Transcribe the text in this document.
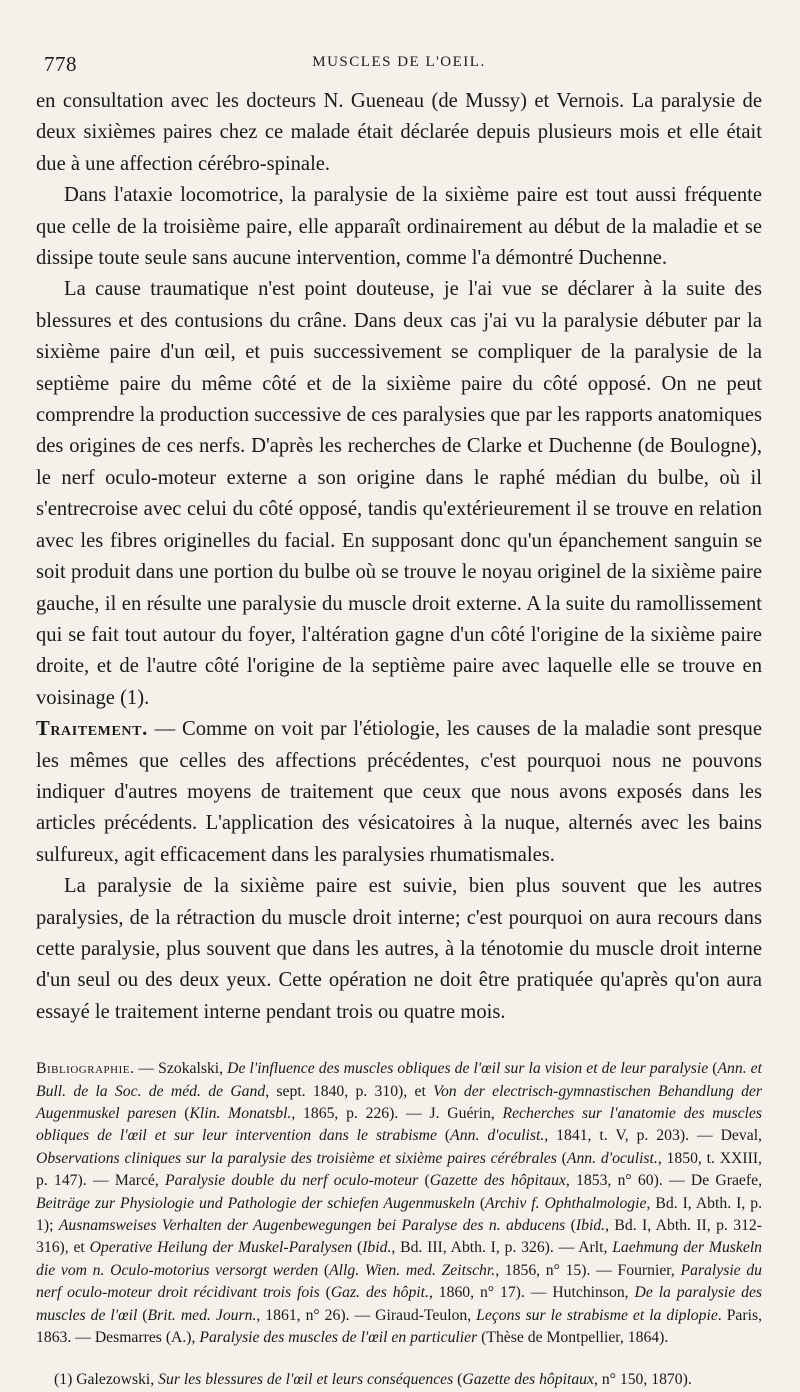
778	MUSCLES DE L'OEIL.

en consultation avec les docteurs N. Gueneau (de Mussy) et Vernois. La paralysie de deux sixièmes paires chez ce malade était déclarée depuis plusieurs mois et elle était due à une affection cérébro-spinale.

Dans l'ataxie locomotrice, la paralysie de la sixième paire est tout aussi fréquente que celle de la troisième paire, elle apparaît ordinairement au début de la maladie et se dissipe toute seule sans aucune intervention, comme l'a démontré Duchenne.

La cause traumatique n'est point douteuse, je l'ai vue se déclarer à la suite des blessures et des contusions du crâne. Dans deux cas j'ai vu la paralysie débuter par la sixième paire d'un œil, et puis successivement se compliquer de la paralysie de la septième paire du même côté et de la sixième paire du côté opposé. On ne peut comprendre la production successive de ces paralysies que par les rapports anatomiques des origines de ces nerfs. D'après les recherches de Clarke et Duchenne (de Boulogne), le nerf oculo-moteur externe a son origine dans le raphé médian du bulbe, où il s'entrecroise avec celui du côté opposé, tandis qu'extérieurement il se trouve en relation avec les fibres originelles du facial. En supposant donc qu'un épanchement sanguin se soit produit dans une portion du bulbe où se trouve le noyau originel de la sixième paire gauche, il en résulte une paralysie du muscle droit externe. A la suite du ramollissement qui se fait tout autour du foyer, l'altération gagne d'un côté l'origine de la sixième paire droite, et de l'autre côté l'origine de la septième paire avec laquelle elle se trouve en voisinage (1).

Traitement. — Comme on voit par l'étiologie, les causes de la maladie sont presque les mêmes que celles des affections précédentes, c'est pourquoi nous ne pouvons indiquer d'autres moyens de traitement que ceux que nous avons exposés dans les articles précédents. L'application des vésicatoires à la nuque, alternés avec les bains sulfureux, agit efficacement dans les paralysies rhumatismales.

La paralysie de la sixième paire est suivie, bien plus souvent que les autres paralysies, de la rétraction du muscle droit interne; c'est pourquoi on aura recours dans cette paralysie, plus souvent que dans les autres, à la ténotomie du muscle droit interne d'un seul ou des deux yeux. Cette opération ne doit être pratiquée qu'après qu'on aura essayé le traitement interne pendant trois ou quatre mois.

Bibliographie. — Szokalski, De l'influence des muscles obliques de l'œil sur la vision et de leur paralysie (Ann. et Bull. de la Soc. de méd. de Gand, sept. 1840, p. 310), et Von der electrisch-gymnastischen Behandlung der Augenmuskel paresen (Klin. Monatsbl., 1865, p. 226). — J. Guérin, Recherches sur l'anatomie des muscles obliques de l'œil et sur leur intervention dans le strabisme (Ann. d'oculist., 1841, t. V, p. 203). — Deval, Observations cliniques sur la paralysie des troisième et sixième paires cérébrales (Ann. d'oculist., 1850, t. XXIII, p. 147). — Marcé, Paralysie double du nerf oculo-moteur (Gazette des hôpitaux, 1853, n° 60). — De Graefe, Beiträge zur Physiologie und Pathologie der schiefen Augenmuskeln (Archiv f. Ophthalmologie, Bd. I, Abth. I, p. 1); Ausnamsweises Verhalten der Augenbewegungen bei Paralyse des n. abducens (Ibid., Bd. I, Abth. II, p. 312-316), et Operative Heilung der Muskel-Paralysen (Ibid., Bd. III, Abth. I, p. 326). — Arlt, Laehmung der Muskeln die vom n. Oculo-motorius versorgt werden (Allg. Wien. med. Zeitschr., 1856, n° 15). — Fournier, Paralysie du nerf oculo-moteur droit récidivant trois fois (Gaz. des hôpit., 1860, n° 17). — Hutchinson, De la paralysie des muscles de l'œil (Brit. med. Journ., 1861, n° 26). — Giraud-Teulon, Leçons sur le strabisme et la diplopie. Paris, 1863. — Desmarres (A.), Paralysie des muscles de l'œil en particulier (Thèse de Montpellier, 1864).
(1) Galezowski, Sur les blessures de l'œil et leurs conséquences (Gazette des hôpitaux, n° 150, 1870).
